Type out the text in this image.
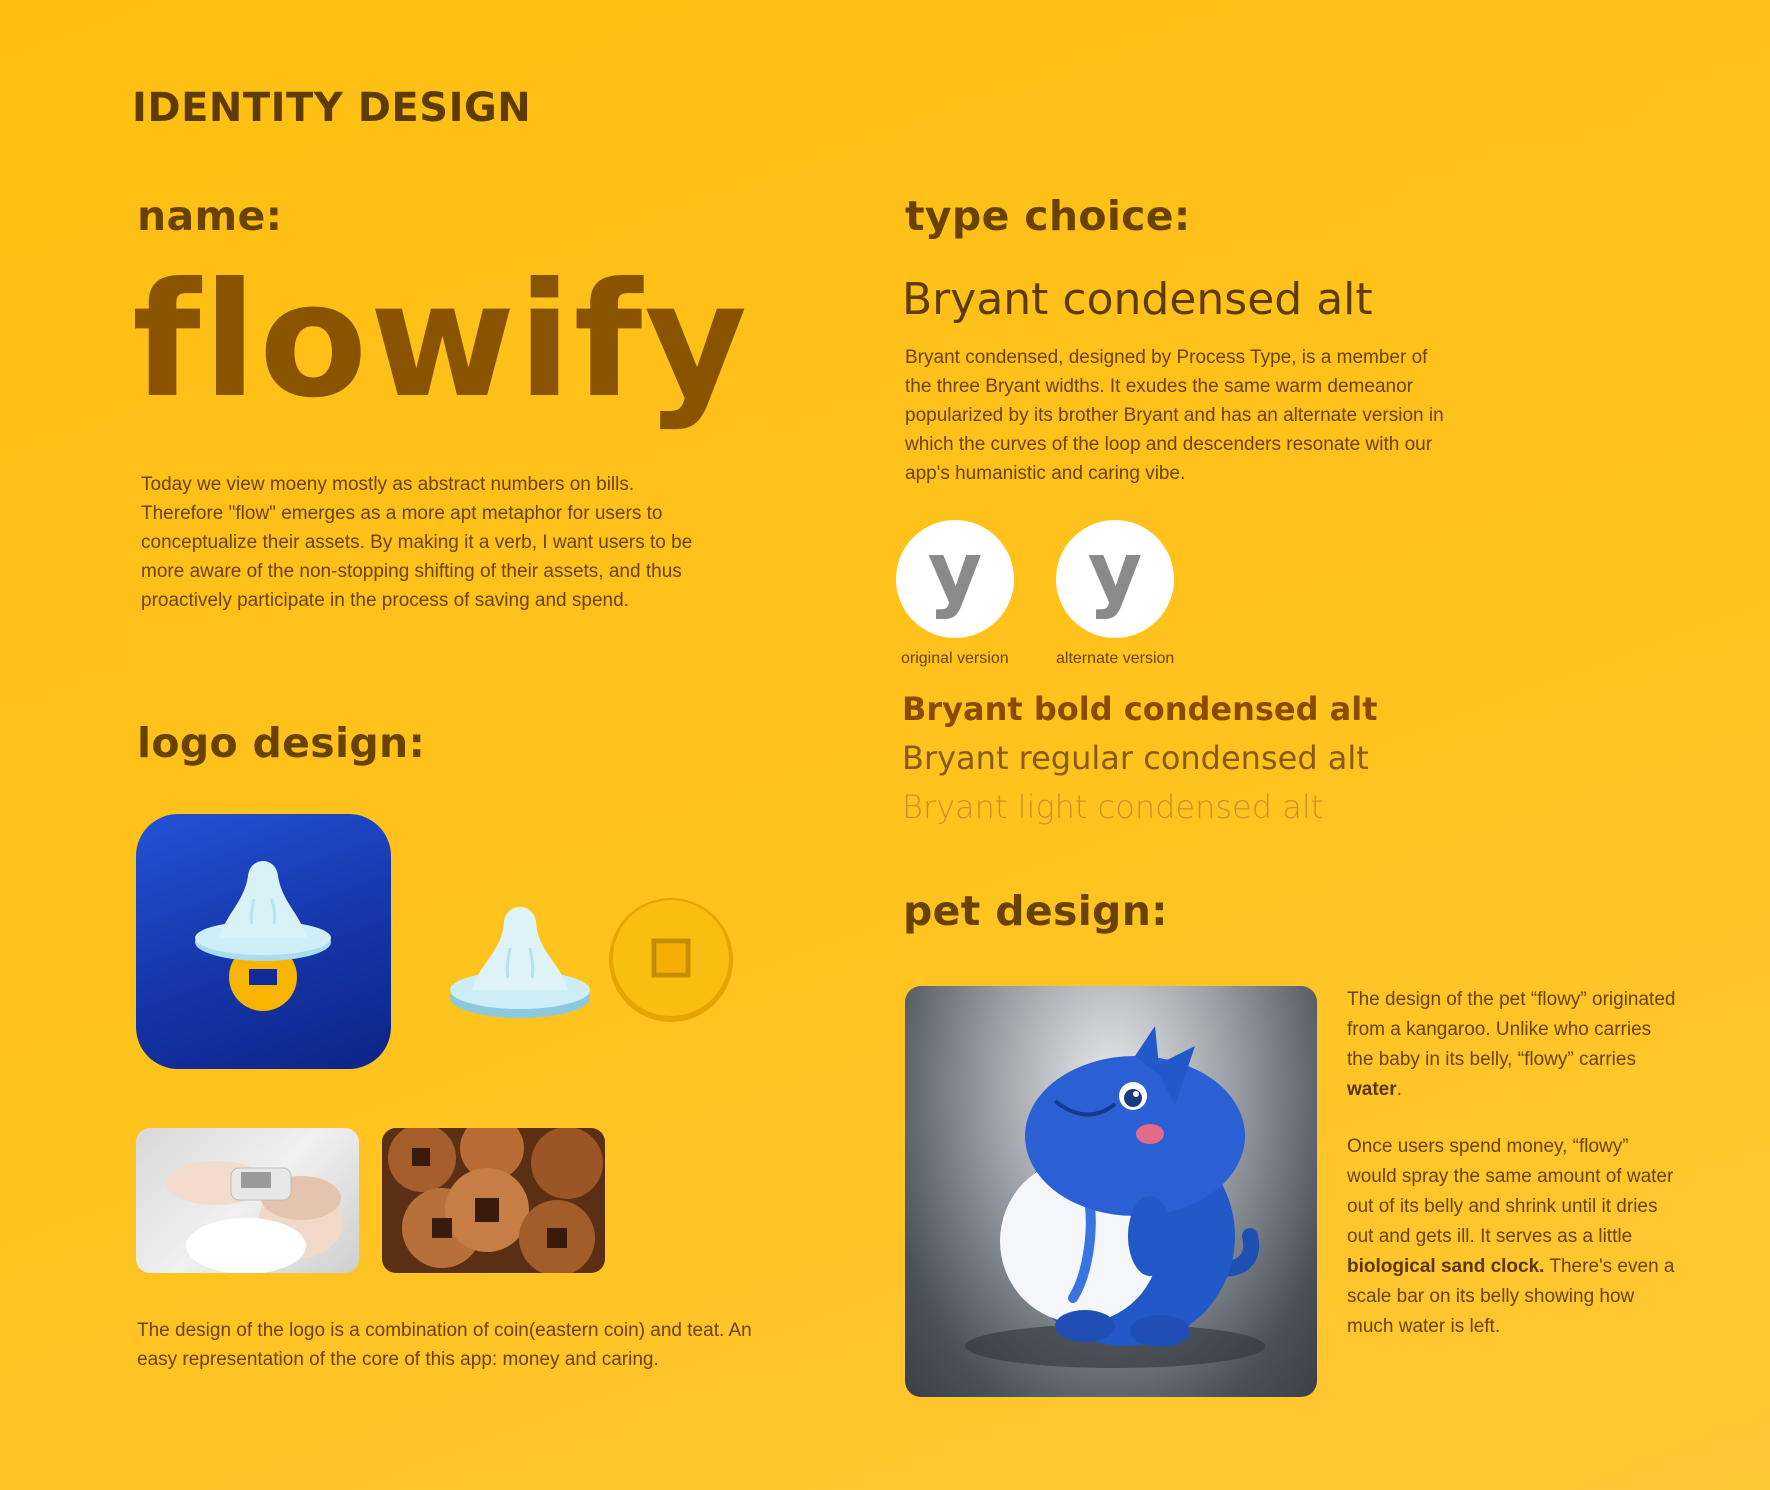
IDENTITY DESIGN
name:
flowify

Today we view moeny mostly as abstract numbers on bills. Therefore "flow" emerges as a more apt metaphor for users to conceptualize their assets. By making it a verb, I want users to be more aware of the non-stopping shifting of their assets, and thus proactively participate in the process of saving and spend.

logo design:

The design of the logo is a combination of coin(eastern coin) and teat. An easy representation of the core of this app: money and caring.

type choice:
Bryant condensed alt

Bryant condensed, designed by Process Type, is a member of the three Bryant widths. It exudes the same warm demeanor popularized by its brother Bryant and has an alternate version in which the curves of the loop and descenders resonate with our app's humanistic and caring vibe.

y	y

original version	alternate version

Bryant bold condensed alt

Bryant regular condensed alt

Bryant light condensed alt

pet design:

The design of the pet “flowy” originated from a kangaroo. Unlike who carries the baby in its belly, “flowy” carries water.

Once users spend money, “flowy” would spray the same amount of water out of its belly and shrink until it dries out and gets ill. It serves as a little biological sand clock. There's even a scale bar on its belly showing how much water is left.
